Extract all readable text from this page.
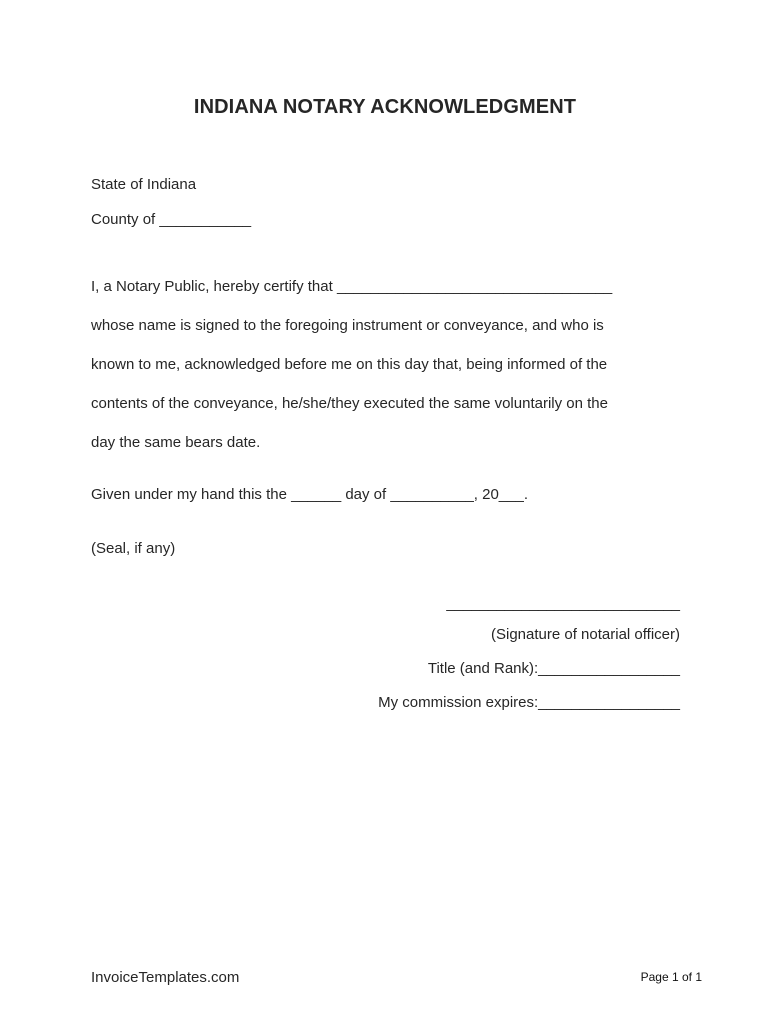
INDIANA NOTARY ACKNOWLEDGMENT
State of Indiana
County of ___________
I, a Notary Public, hereby certify that _________________________________
whose name is signed to the foregoing instrument or conveyance, and who is
known to me, acknowledged before me on this day that, being informed of the
contents of the conveyance, he/she/they executed the same voluntarily on the
day the same bears date.
Given under my hand this the ______ day of __________, 20___.
(Seal, if any)
____________________________
(Signature of notarial officer)
Title (and Rank):_________________
My commission expires:_________________
InvoiceTemplates.com	Page 1 of 1
